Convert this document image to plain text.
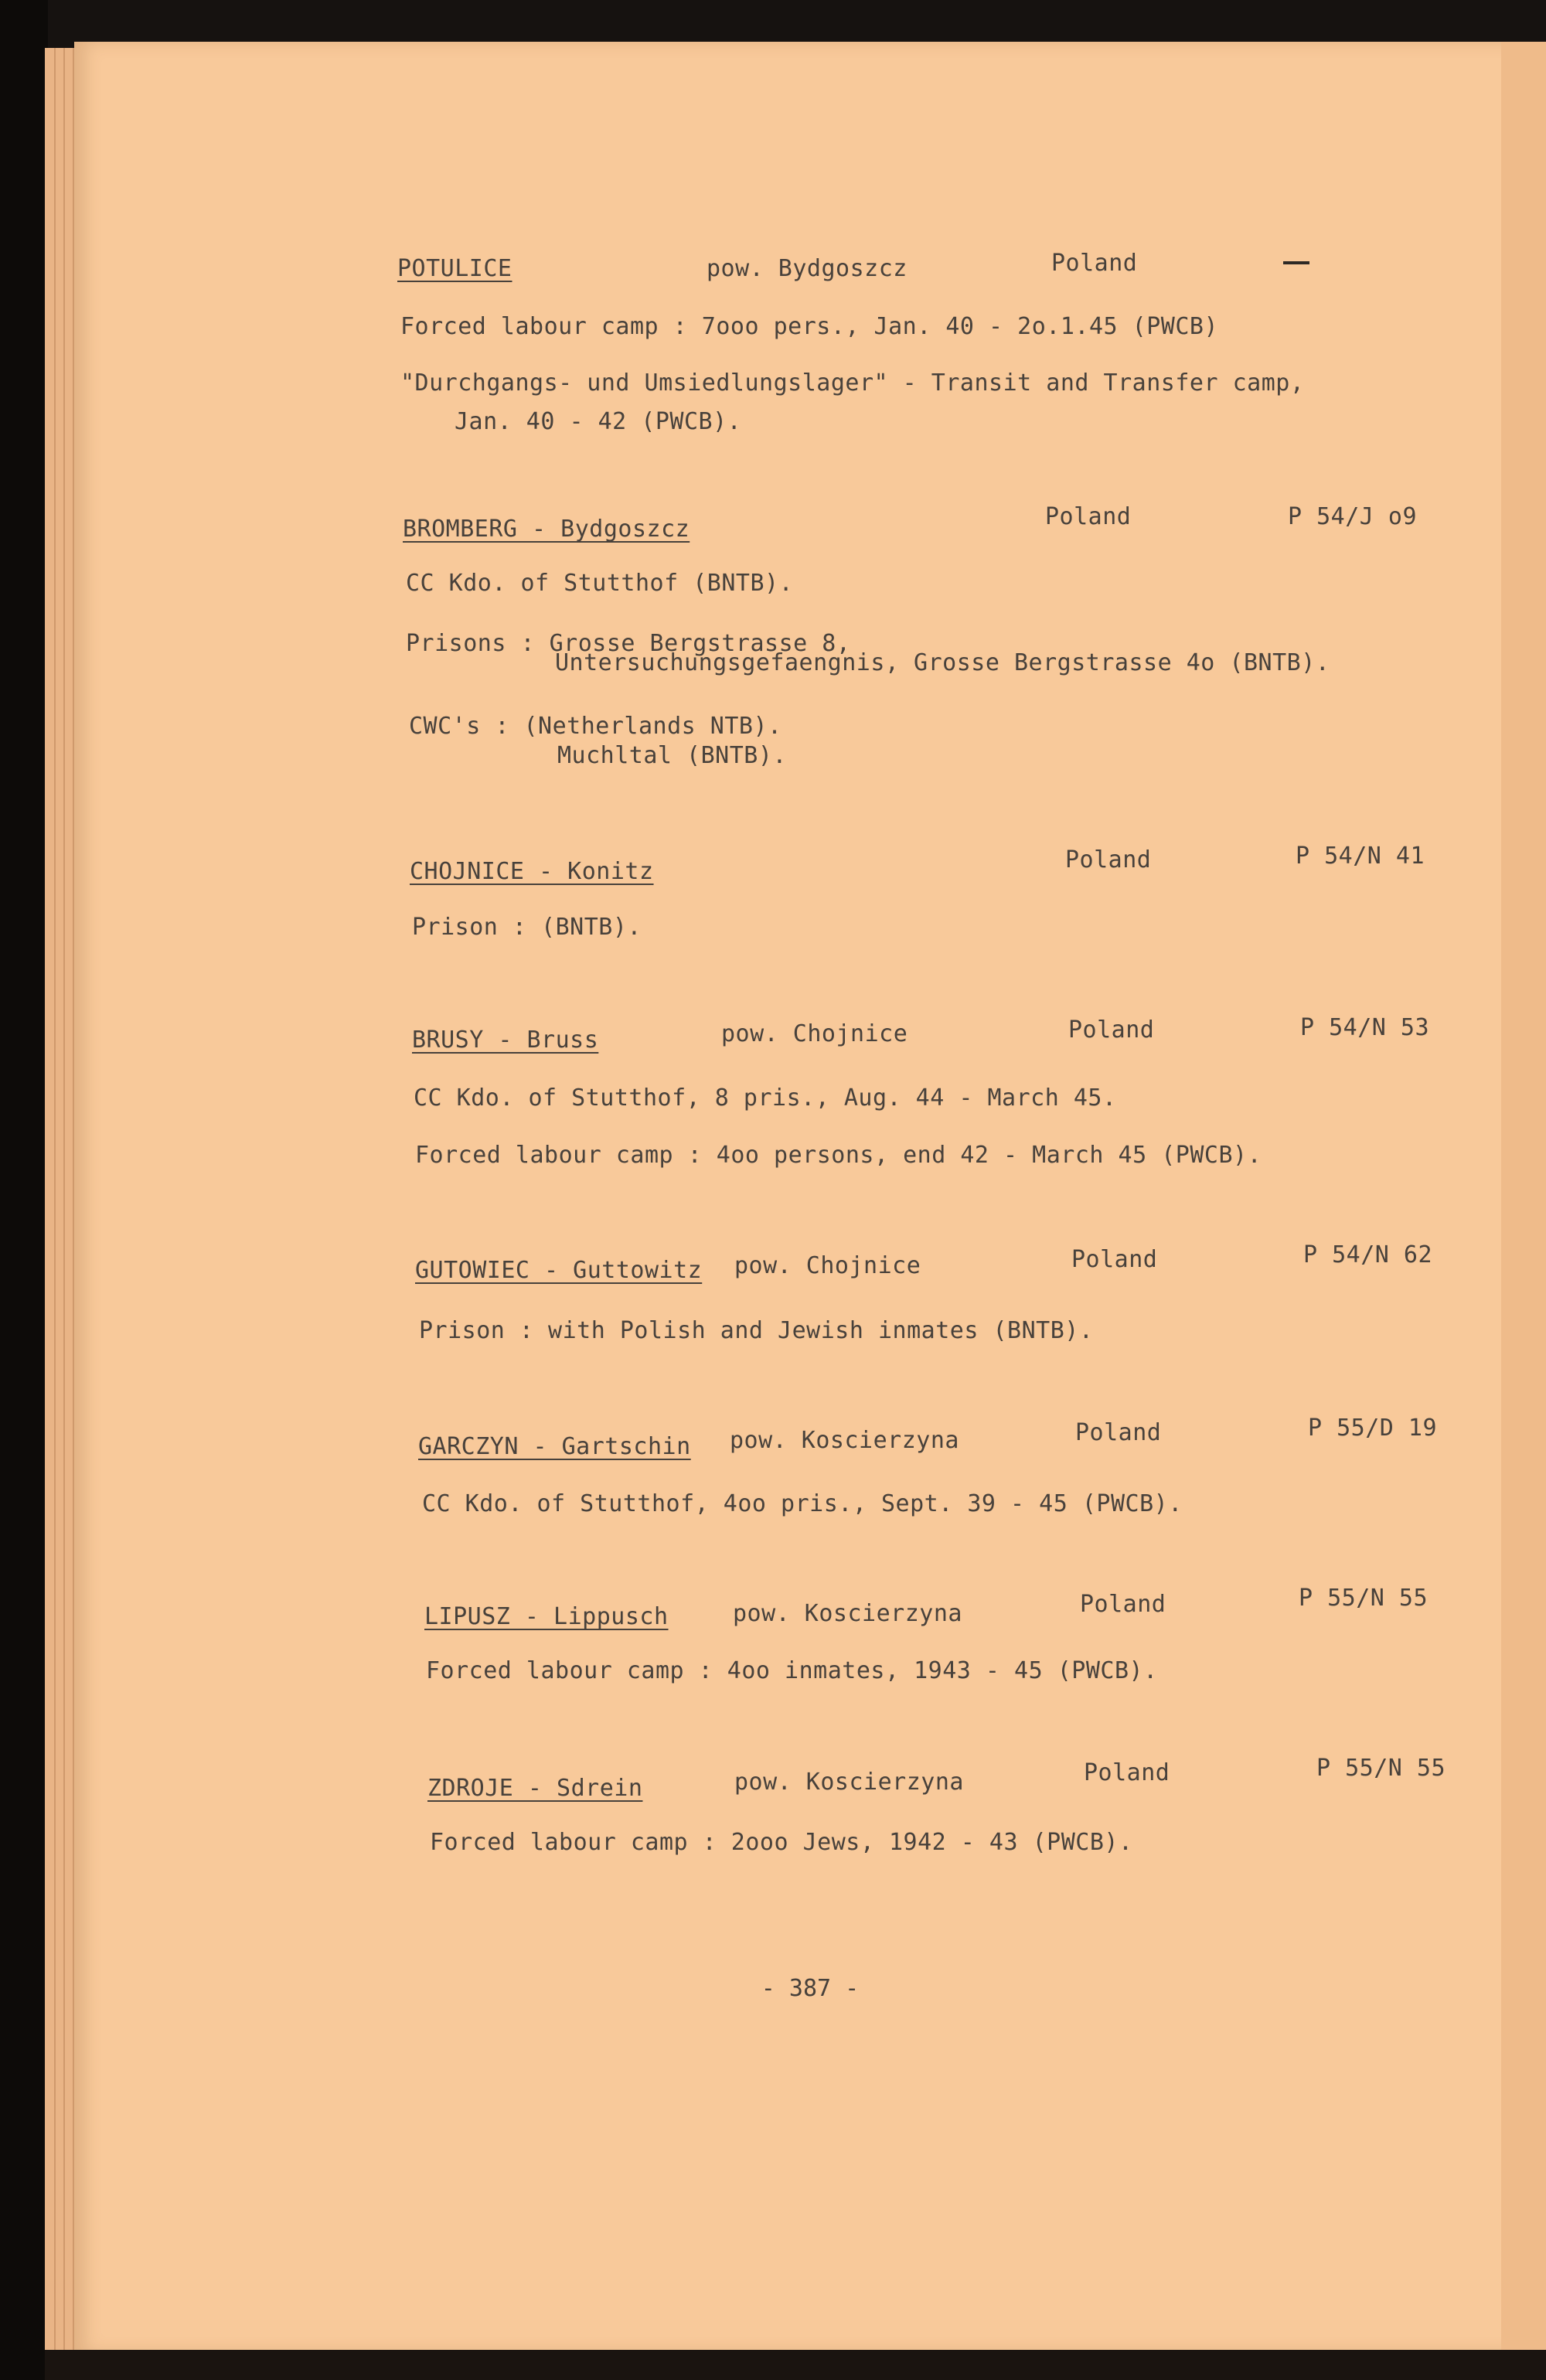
POTULICE	pow. Bydgoszcz	Poland
Forced labour camp : 7ooo pers., Jan. 40 - 2o.1.45 (PWCB)
"Durchgangs- und Umsiedlungslager" - Transit and Transfer camp,
Jan. 40 - 42 (PWCB).
BROMBERG - Bydgoszcz	Poland	P 54/J o9
CC Kdo. of Stutthof (BNTB).
Prisons : Grosse Bergstrasse 8,
Untersuchungsgefaengnis, Grosse Bergstrasse 4o (BNTB).
CWC's : (Netherlands NTB).
Muchltal (BNTB).
CHOJNICE - Konitz	Poland	P 54/N 41
Prison : (BNTB).
BRUSY - Bruss	pow. Chojnice	Poland	P 54/N 53
CC Kdo. of Stutthof, 8 pris., Aug. 44 - March 45.
Forced labour camp : 4oo persons, end 42 - March 45 (PWCB).
GUTOWIEC - Guttowitz pow. Chojnice	Poland	P 54/N 62
Prison : with Polish and Jewish inmates (BNTB).
GARCZYN - Gartschin pow. Koscierzyna	Poland	P 55/D 19
CC Kdo. of Stutthof, 4oo pris., Sept. 39 - 45 (PWCB).
LIPUSZ - Lippusch	pow. Koscierzyna	Poland	P 55/N 55
Forced labour camp : 4oo inmates, 1943 - 45 (PWCB).
ZDROJE - Sdrein	pow. Koscierzyna	Poland	P 55/N 55
Forced labour camp : 2ooo Jews, 1942 - 43 (PWCB).
- 387 -
